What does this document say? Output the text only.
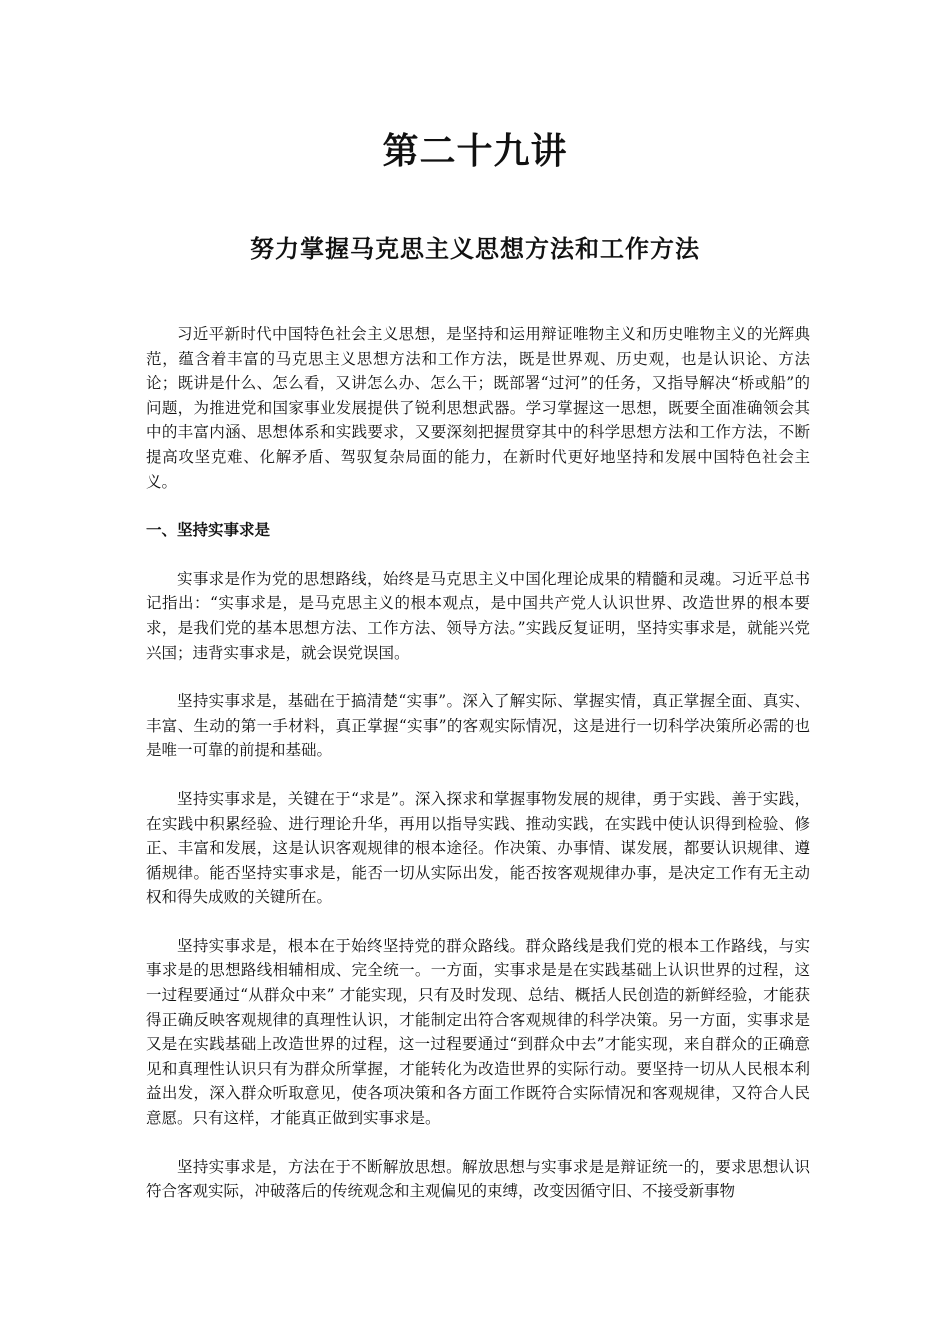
第二十九讲
努力掌握马克思主义思想方法和工作方法

习近平新时代中国特色社会主义思想，是坚持和运用辩证唯物主义和历史唯物主义的光辉典范，蕴含着丰富的马克思主义思想方法和工作方法，既是世界观、历史观，也是认识论、方法论；既讲是什么、怎么看，又讲怎么办、怎么干；既部署“过河”的任务，又指导解决“桥或船”的问题，为推进党和国家事业发展提供了锐利思想武器。学习掌握这一思想，既要全面准确领会其中的丰富内涵、思想体系和实践要求，又要深刻把握贯穿其中的科学思想方法和工作方法，不断提高攻坚克难、化解矛盾、驾驭复杂局面的能力，在新时代更好地坚持和发展中国特色社会主义。

一、坚持实事求是

实事求是作为党的思想路线，始终是马克思主义中国化理论成果的精髓和灵魂。习近平总书记指出：“实事求是，是马克思主义的根本观点，是中国共产党人认识世界、改造世界的根本要求，是我们党的基本思想方法、工作方法、领导方法。”实践反复证明，坚持实事求是，就能兴党兴国；违背实事求是，就会误党误国。

坚持实事求是，基础在于搞清楚“实事”。深入了解实际、掌握实情，真正掌握全面、真实、丰富、生动的第一手材料，真正掌握“实事”的客观实际情况，这是进行一切科学决策所必需的也是唯一可靠的前提和基础。

坚持实事求是，关键在于“求是”。深入探求和掌握事物发展的规律，勇于实践、善于实践，在实践中积累经验、进行理论升华，再用以指导实践、推动实践，在实践中使认识得到检验、修正、丰富和发展，这是认识客观规律的根本途径。作决策、办事情、谋发展，都要认识规律、遵循规律。能否坚持实事求是，能否一切从实际出发，能否按客观规律办事，是决定工作有无主动权和得失成败的关键所在。

坚持实事求是，根本在于始终坚持党的群众路线。群众路线是我们党的根本工作路线，与实事求是的思想路线相辅相成、完全统一。一方面，实事求是是在实践基础上认识世界的过程，这一过程要通过“从群众中来” 才能实现，只有及时发现、总结、概括人民创造的新鲜经验，才能获得正确反映客观规律的真理性认识，才能制定出符合客观规律的科学决策。另一方面，实事求是又是在实践基础上改造世界的过程，这一过程要通过“到群众中去”才能实现，来自群众的正确意见和真理性认识只有为群众所掌握，才能转化为改造世界的实际行动。要坚持一切从人民根本利益出发，深入群众听取意见，使各项决策和各方面工作既符合实际情况和客观规律，又符合人民意愿。只有这样，才能真正做到实事求是。

坚持实事求是，方法在于不断解放思想。解放思想与实事求是是辩证统一的，要求思想认识符合客观实际，冲破落后的传统观念和主观偏见的束缚，改变因循守旧、不接受新事物
